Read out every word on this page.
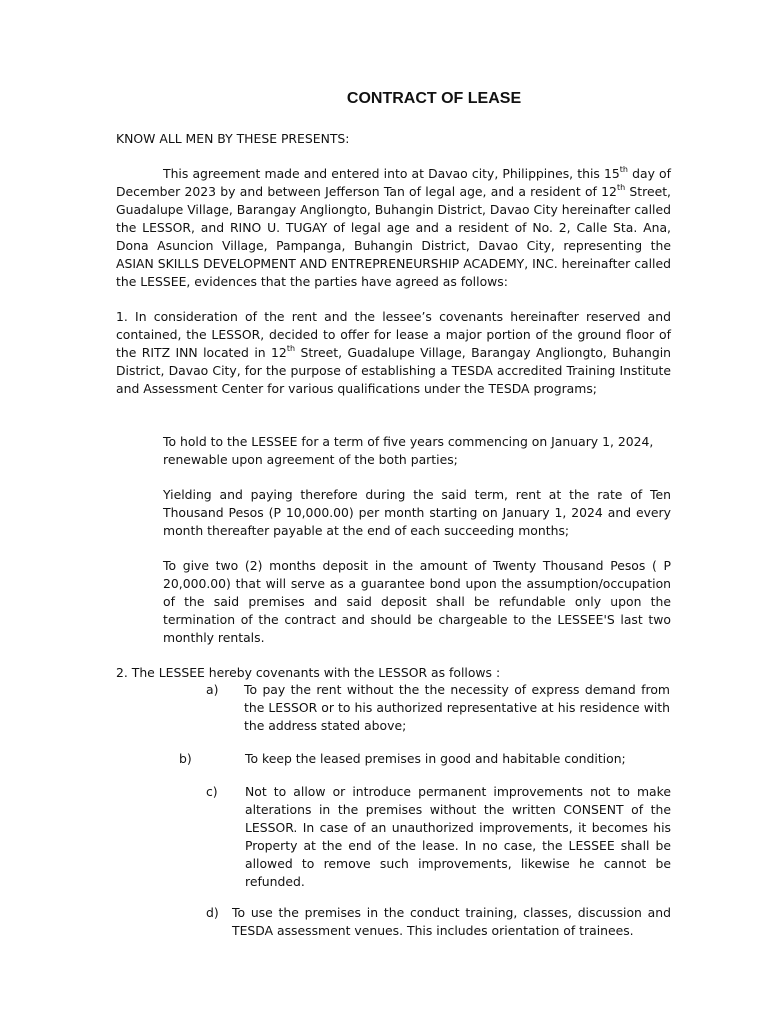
CONTRACT OF LEASE

KNOW ALL MEN BY THESE PRESENTS:

This agreement made and entered into at Davao city, Philippines, this 15th day of December 2023 by and between Jefferson Tan of legal age, and a resident of 12th Street, Guadalupe Village, Barangay Angliongto, Buhangin District, Davao City hereinafter called the LESSOR, and RINO U. TUGAY of legal age and a resident of No. 2, Calle Sta. Ana, Dona Asuncion Village, Pampanga, Buhangin District, Davao City, representing the ASIAN SKILLS DEVELOPMENT AND ENTREPRENEURSHIP ACADEMY, INC. hereinafter called the LESSEE, evidences that the parties have agreed as follows:

1. In consideration of the rent and the lessee’s covenants hereinafter reserved and contained, the LESSOR, decided to offer for lease a major portion of the ground floor of the RITZ INN located in 12th Street, Guadalupe Village, Barangay Angliongto, Buhangin District, Davao City, for the purpose of establishing a TESDA accredited Training Institute and Assessment Center for various qualifications under the TESDA programs;

To hold to the LESSEE for a term of five years commencing on January 1, 2024, renewable upon agreement of the both parties;

Yielding and paying therefore during the said term, rent at the rate of Ten Thousand Pesos (P 10,000.00) per month starting on January 1, 2024 and every month thereafter payable at the end of each succeeding months;

To give two (2) months deposit in the amount of Twenty Thousand Pesos ( P 20,000.00) that will serve as a guarantee bond upon the assumption/occupation of the said premises and said deposit shall be refundable only upon the termination of the contract and should be chargeable to the LESSEE'S last two monthly rentals.

2. The LESSEE hereby covenants with the LESSOR as follows :

a) To pay the rent without the the necessity of express demand from the LESSOR or to his authorized representative at his residence with the address stated above;
b)	To keep the leased premises in good and habitable condition;
c) Not to allow or introduce permanent improvements not to make alterations in the premises without the written CONSENT of the LESSOR. In case of an unauthorized improvements, it becomes his Property at the end of the lease. In no case, the LESSEE shall be allowed to remove such improvements, likewise he cannot be refunded.
d) To use the premises in the conduct training, classes, discussion and TESDA assessment venues. This includes orientation of trainees.
